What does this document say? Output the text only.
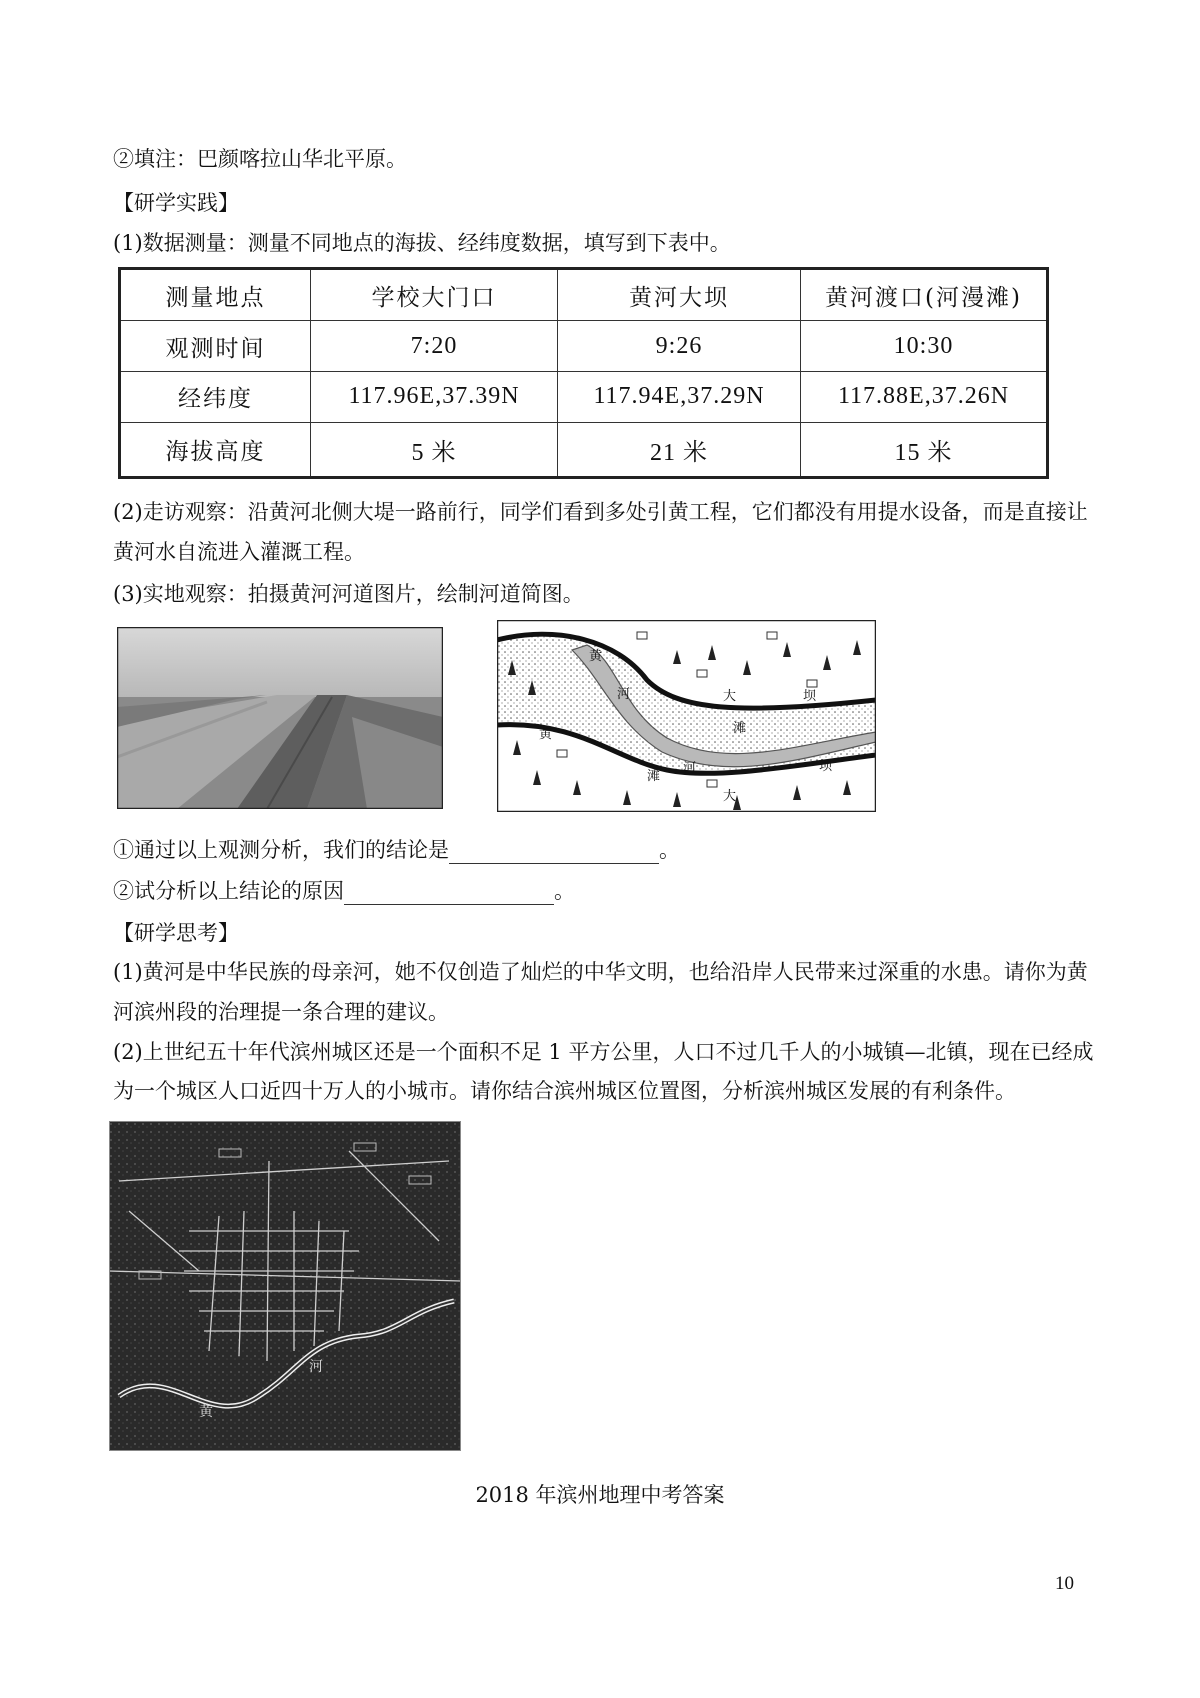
②填注：巴颜喀拉山华北平原。
【研学实践】
(1)数据测量：测量不同地点的海拔、经纬度数据，填写到下表中。
测量地点	学校大门口	黄河大坝	黄河渡口(河漫滩)
观测时间	7:20	9:26	10:30
经纬度	117.96E,37.39N	117.94E,37.29N	117.88E,37.26N
海拔高度	5 米	21 米	15 米
(2)走访观察：沿黄河北侧大堤一路前行，同学们看到多处引黄工程，它们都没有用提水设备，而是直接让
黄河水自流进入灌溉工程。
(3)实地观察：拍摄黄河河道图片，绘制河道简图。
黄
河	大	坝
滩
黄
滩
河	坝
大
①通过以上观测分析，我们的结论是	。
②试分析以上结论的原因	。
【研学思考】
(1)黄河是中华民族的母亲河，她不仅创造了灿烂的中华文明，也给沿岸人民带来过深重的水患。请你为黄
河滨州段的治理提一条合理的建议。
(2)上世纪五十年代滨州城区还是一个面积不足 1 平方公里，人口不过几千人的小城镇—北镇，现在已经成
为一个城区人口近四十万人的小城市。请你结合滨州城区位置图，分析滨州城区发展的有利条件。
河
黄
2018 年滨州地理中考答案
10
